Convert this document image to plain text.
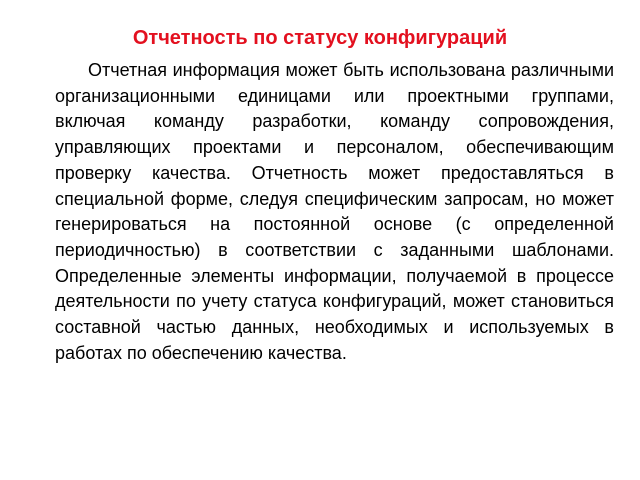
Отчетность по статусу конфигураций

Отчетная информация может быть использована различными организационными единицами или проектными группами, включая команду разработки, команду сопровождения, управляющих проектами и персоналом, обеспечивающим проверку качества. Отчетность может предоставляться в специальной форме, следуя специфическим запросам, но может генерироваться на постоянной основе (с определенной периодичностью) в соответствии с заданными шаблонами. Определенные элементы информации, получаемой в процессе деятельности по учету статуса конфигураций, может становиться составной частью данных, необходимых и используемых в работах по обеспечению качества.
